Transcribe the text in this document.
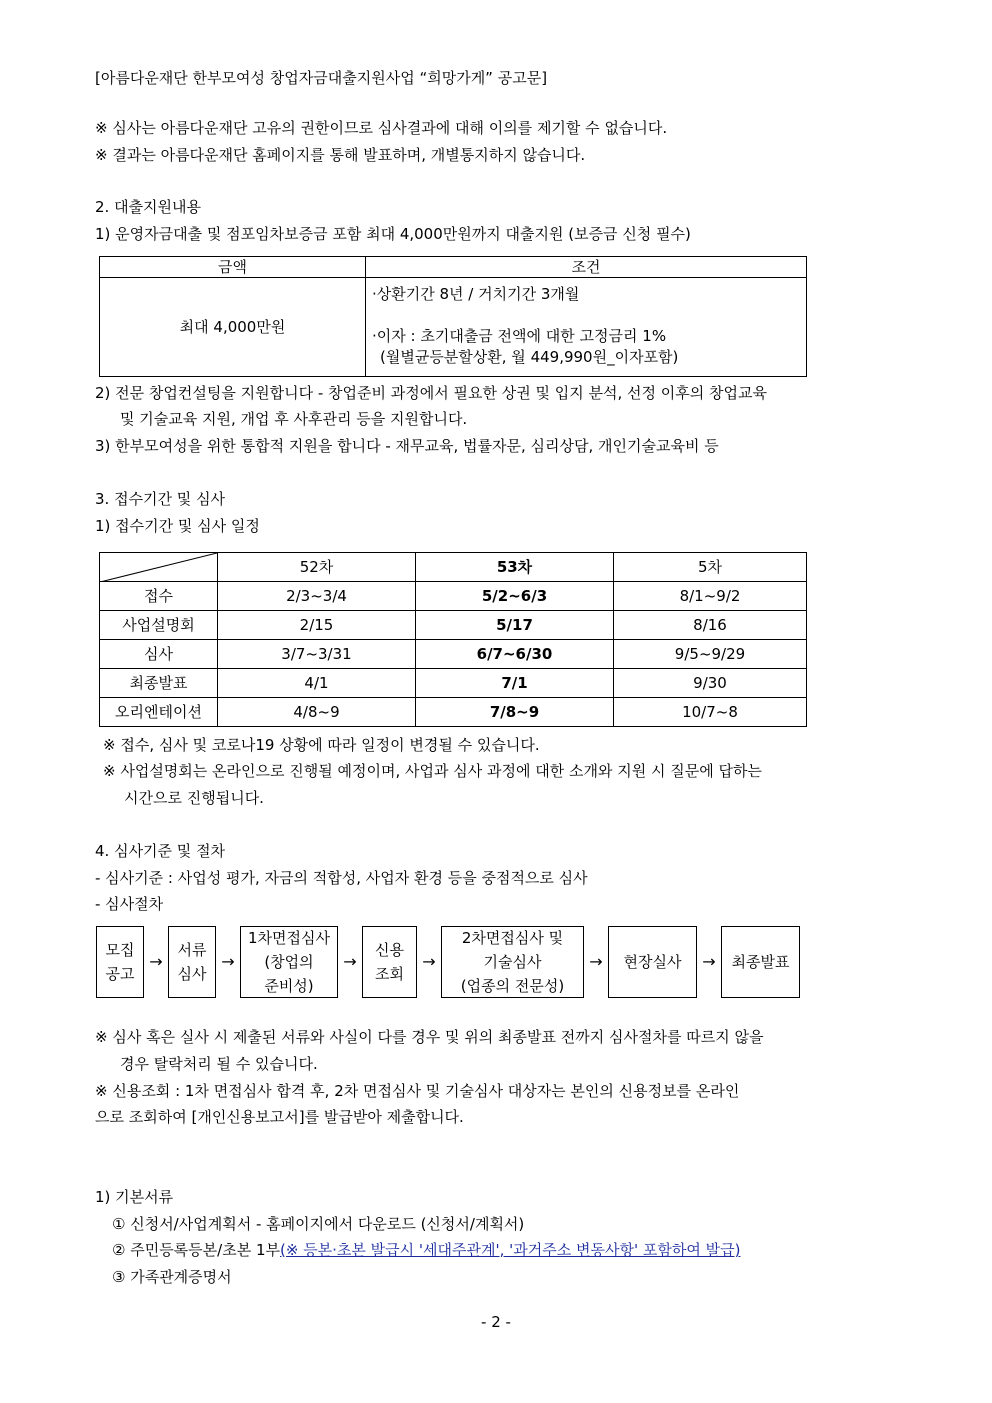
[아름다운재단 한부모여성 창업자금대출지원사업 “희망가게” 공고문]
※ 심사는 아름다운재단 고유의 권한이므로 심사결과에 대해 이의를 제기할 수 없습니다.
※ 결과는 아름다운재단 홈페이지를 통해 발표하며, 개별통지하지 않습니다.
2. 대출지원내용
1) 운영자금대출 및 점포임차보증금 포함 최대 4,000만원까지 대출지원 (보증금 신청 필수)
금액	조건
최대 4,000만원	·상환기간 8년 / 거치기간 3개월
·이자 : 초기대출금 전액에 대한 고정금리 1%
(월별균등분할상환, 월 449,990원_이자포함)
2) 전문 창업컨설팅을 지원합니다 - 창업준비 과정에서 필요한 상권 및 입지 분석, 선정 이후의 창업교육
및 기술교육 지원, 개업 후 사후관리 등을 지원합니다.
3) 한부모여성을 위한 통합적 지원을 합니다 - 재무교육, 법률자문, 심리상담, 개인기술교육비 등
3. 접수기간 및 심사
1) 접수기간 및 심사 일정
	52차	53차	5차
접수	2/3~3/4	5/2~6/3	8/1~9/2
사업설명회	2/15	5/17	8/16
심사	3/7~3/31	6/7~6/30	9/5~9/29
최종발표	4/1	7/1	9/30
오리엔테이션	4/8~9	7/8~9	10/7~8
※ 접수, 심사 및 코로나19 상황에 따라 일정이 변경될 수 있습니다.
※ 사업설명회는 온라인으로 진행될 예정이며, 사업과 심사 과정에 대한 소개와 지원 시 질문에 답하는
시간으로 진행됩니다.
4. 심사기준 및 절차
- 심사기준 : 사업성 평가, 자금의 적합성, 사업자 환경 등을 중점적으로 심사
- 심사절차
모집
공고
→
서류
심사
→
1차면접심사
(창업의
준비성)
→
신용
조회
→
2차면접심사 및
기술심사
(업종의 전문성)
→	현장실사	→	최종발표
※ 심사 혹은 실사 시 제출된 서류와 사실이 다를 경우 및 위의 최종발표 전까지 심사절차를 따르지 않을
경우 탈락처리 될 수 있습니다.
※ 신용조회 : 1차 면접심사 합격 후, 2차 면접심사 및 기술심사 대상자는 본인의 신용정보를 온라인
으로 조회하여 [개인신용보고서]를 발급받아 제출합니다.
1) 기본서류
① 신청서/사업계획서 - 홈페이지에서 다운로드 (신청서/계획서)
② 주민등록등본/초본 1부(※ 등본·초본 발급시 '세대주관계', '과거주소 변동사항' 포함하여 발급)
③ 가족관계증명서
- 2 -
